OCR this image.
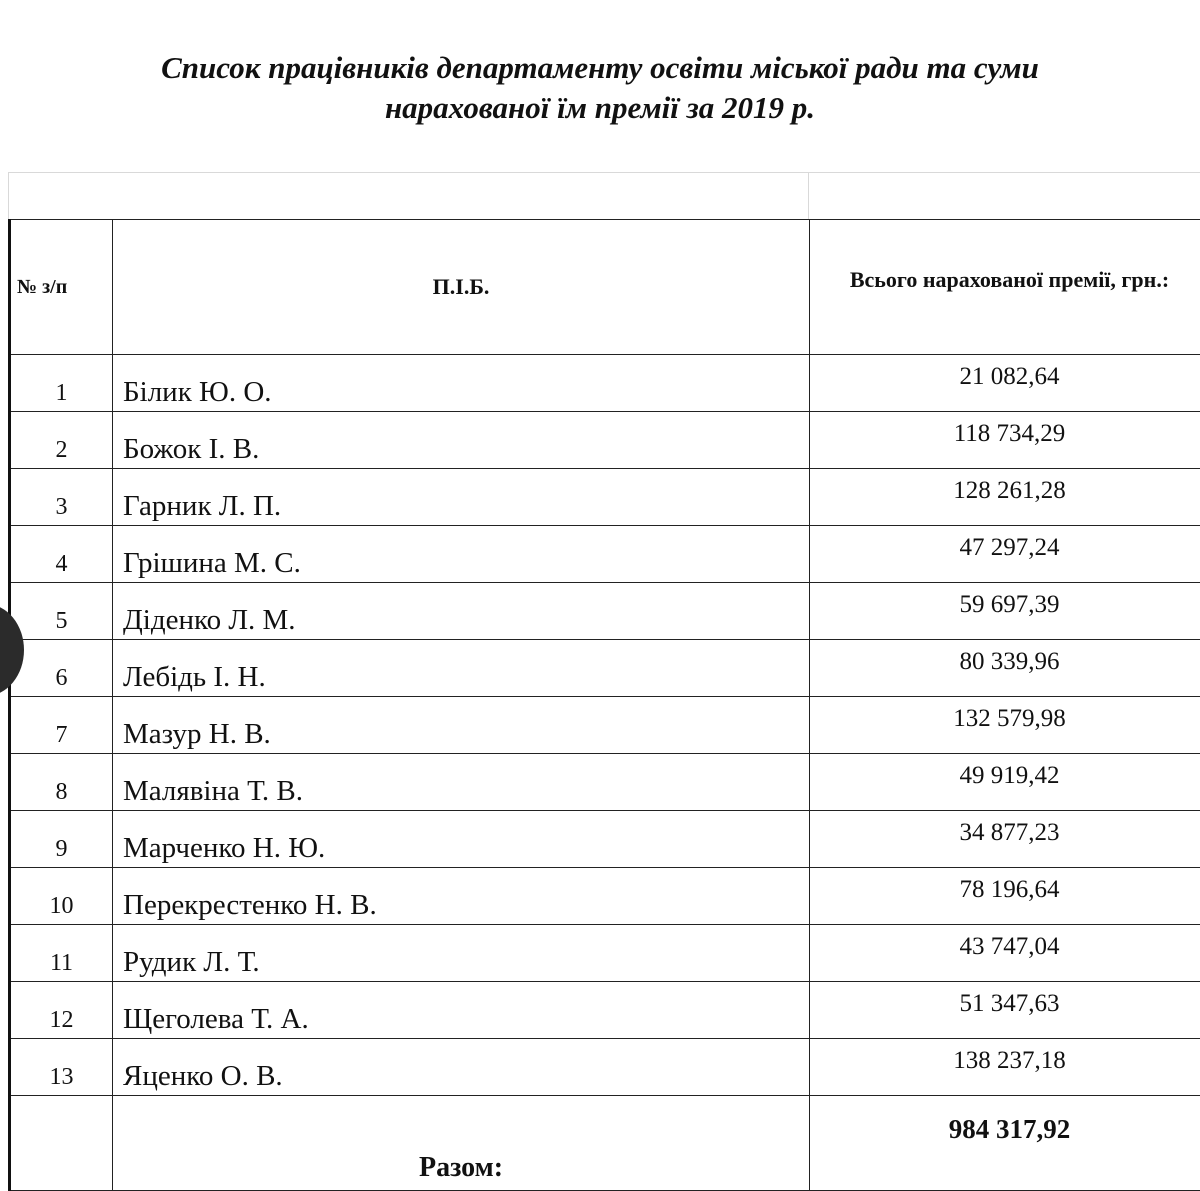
Список працівників департаменту освіти міської ради та суми
нарахованої їм премії за 2019 р.
№ з/п	П.І.Б.	Всього нарахованої премії, грн.:
1	Білик Ю. О.	21 082,64
2	Божок І. В.	118 734,29
3	Гарник Л. П.	128 261,28
4	Грішина М. С.	47 297,24
5	Діденко Л. М.	59 697,39
6	Лебідь І. Н.	80 339,96
7	Мазур Н. В.	132 579,98
8	Малявіна Т. В.	49 919,42
9	Марченко Н. Ю.	34 877,23
10	Перекрестенко Н. В.	78 196,64
11	Рудик Л. Т.	43 747,04
12	Щеголева Т. А.	51 347,63
13	Яценко О. В.	138 237,18
	Разом:	984 317,92
